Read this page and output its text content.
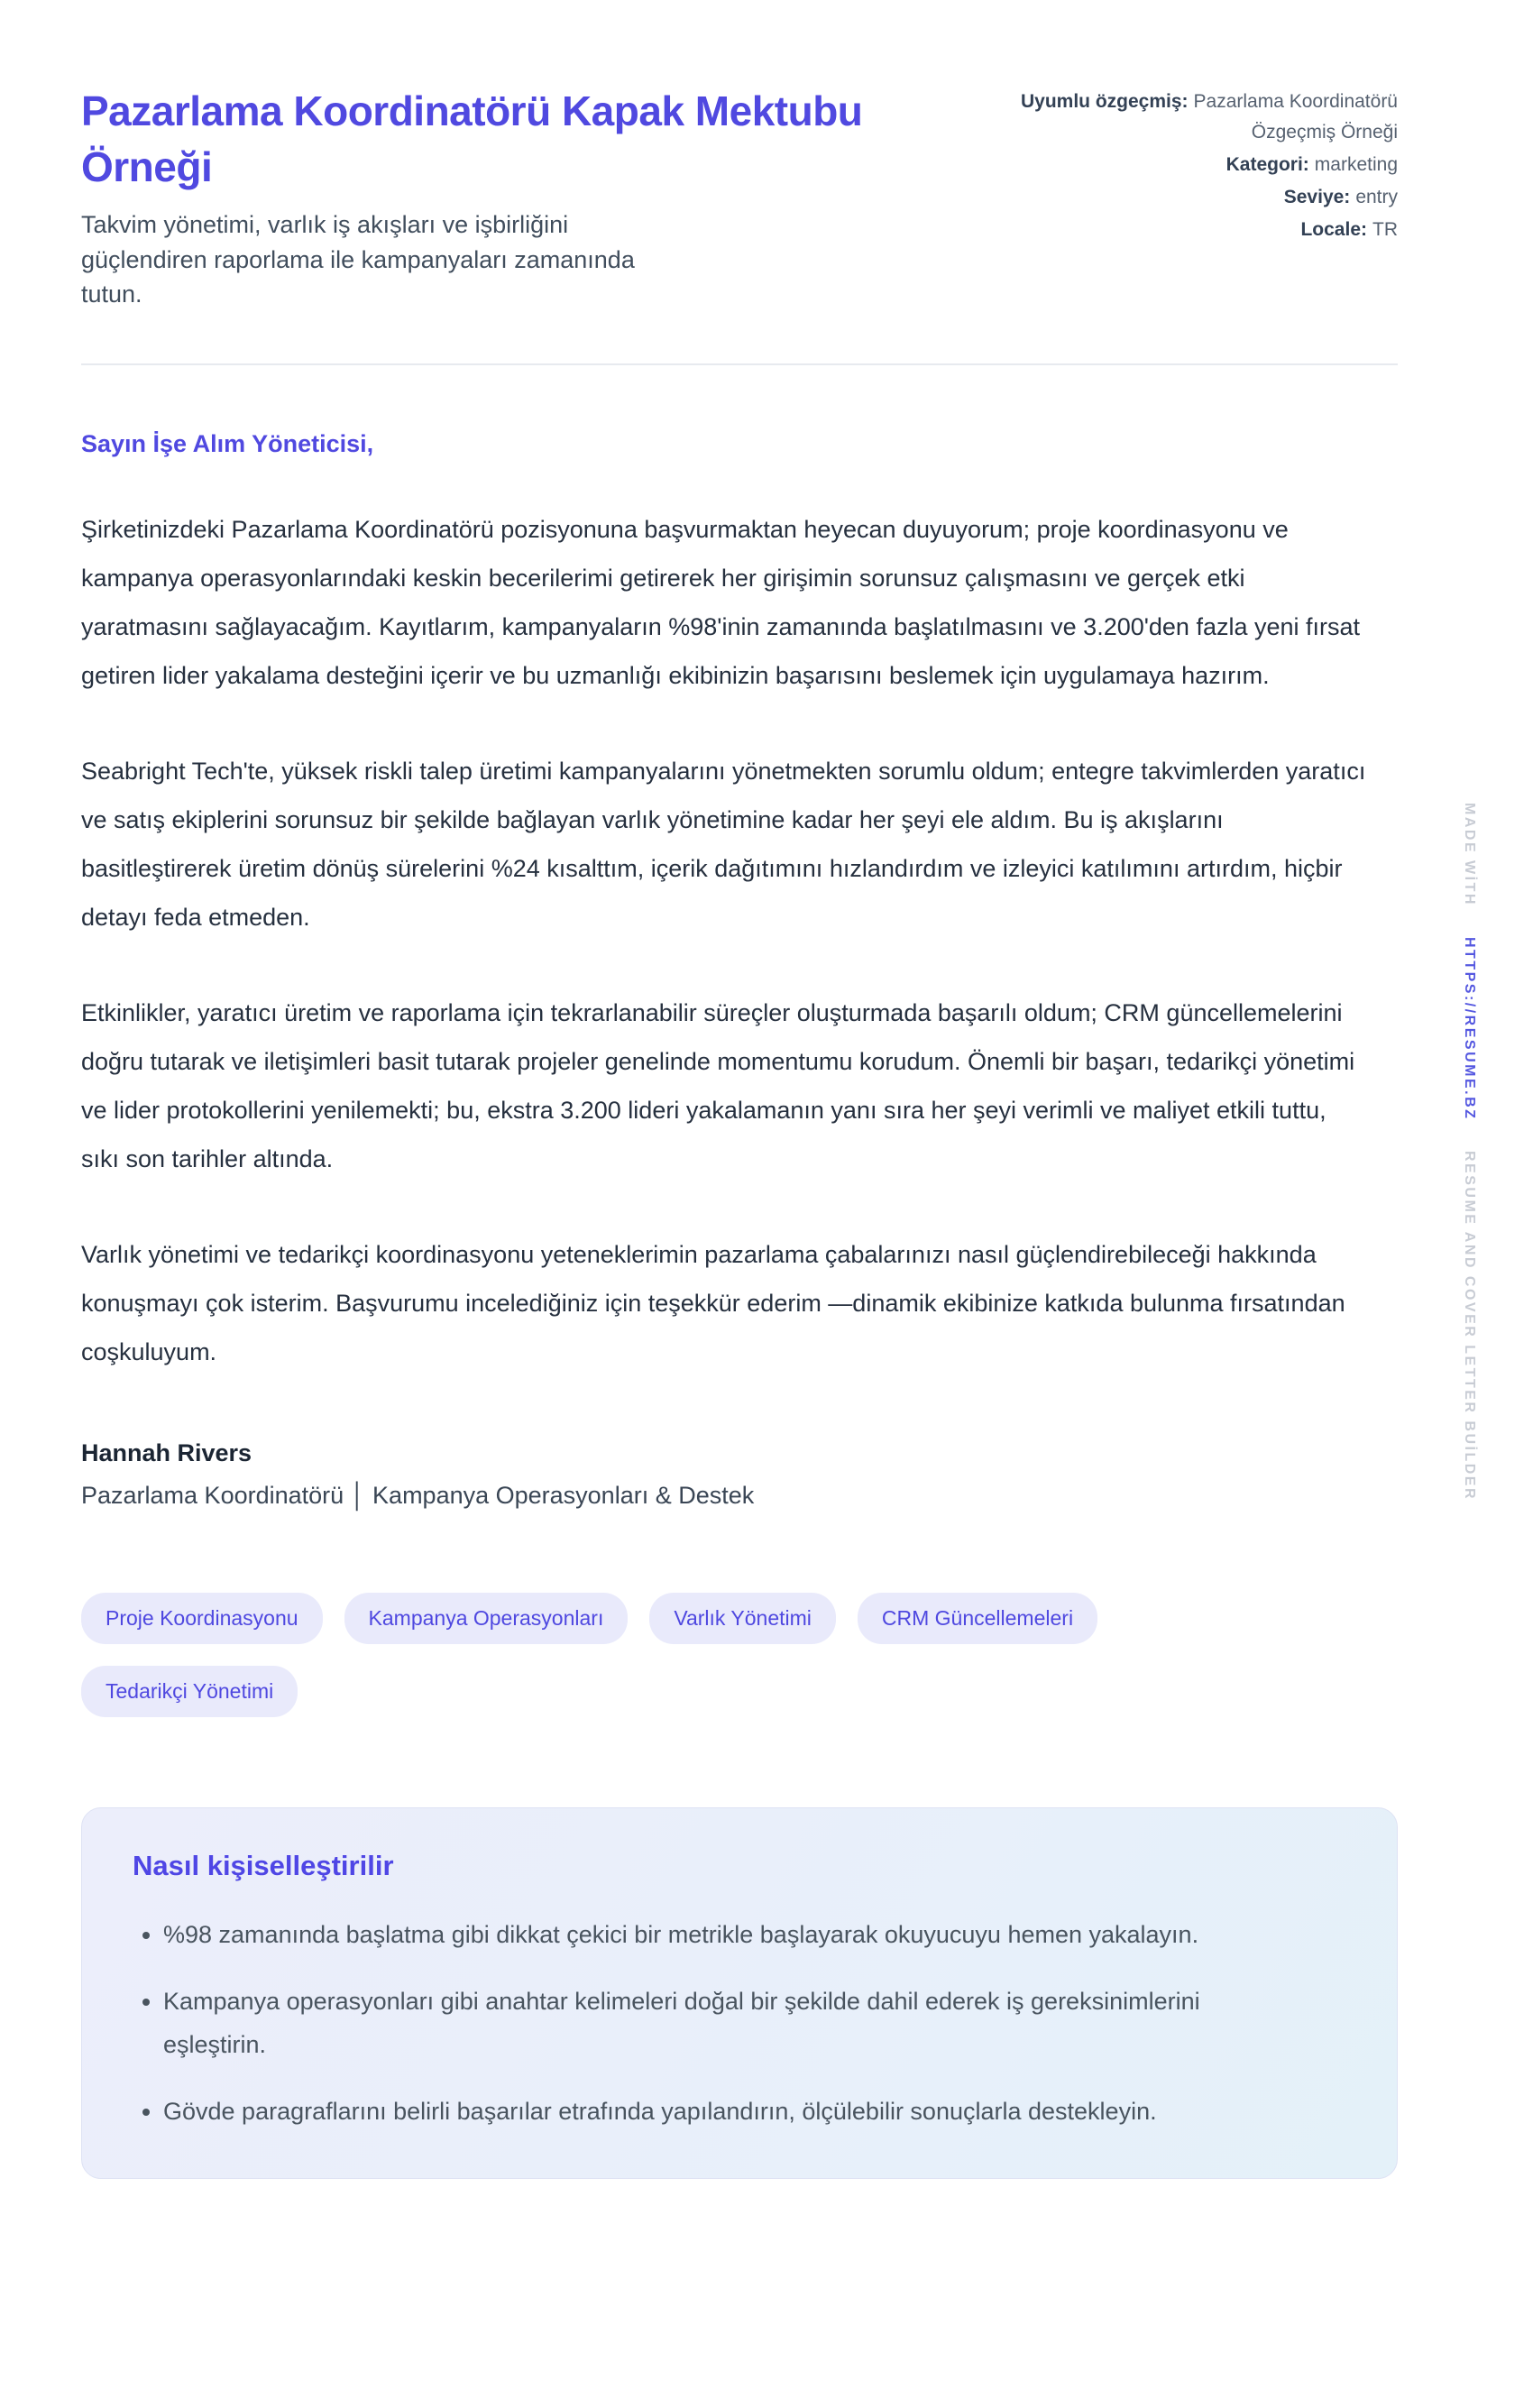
Pazarlama Koordinatörü Kapak Mektubu Örneği

Takvim yönetimi, varlık iş akışları ve işbirliğini güçlendiren raporlama ile kampanyaları zamanında tutun.

Uyumlu özgeçmiş: Pazarlama Koordinatörü Özgeçmiş Örneği
Kategori: marketing
Seviye: entry
Locale: TR

Sayın İşe Alım Yöneticisi,

Şirketinizdeki Pazarlama Koordinatörü pozisyonuna başvurmaktan heyecan duyuyorum; proje koordinasyonu ve kampanya operasyonlarındaki keskin becerilerimi getirerek her girişimin sorunsuz çalışmasını ve gerçek etki yaratmasını sağlayacağım. Kayıtlarım, kampanyaların %98'inin zamanında başlatılmasını ve 3.200'den fazla yeni fırsat getiren lider yakalama desteğini içerir ve bu uzmanlığı ekibinizin başarısını beslemek için uygulamaya hazırım.

Seabright Tech'te, yüksek riskli talep üretimi kampanyalarını yönetmekten sorumlu oldum; entegre takvimlerden yaratıcı ve satış ekiplerini sorunsuz bir şekilde bağlayan varlık yönetimine kadar her şeyi ele aldım. Bu iş akışlarını basitleştirerek üretim dönüş sürelerini %24 kısalttım, içerik dağıtımını hızlandırdım ve izleyici katılımını artırdım, hiçbir detayı feda etmeden.

Etkinlikler, yaratıcı üretim ve raporlama için tekrarlanabilir süreçler oluşturmada başarılı oldum; CRM güncellemelerini doğru tutarak ve iletişimleri basit tutarak projeler genelinde momentumu korudum. Önemli bir başarı, tedarikçi yönetimi ve lider protokollerini yenilemekti; bu, ekstra 3.200 lideri yakalamanın yanı sıra her şeyi verimli ve maliyet etkili tuttu, sıkı son tarihler altında.

Varlık yönetimi ve tedarikçi koordinasyonu yeteneklerimin pazarlama çabalarınızı nasıl güçlendirebileceği hakkında konuşmayı çok isterim. Başvurumu incelediğiniz için teşekkür ederim —dinamik ekibinize katkıda bulunma fırsatından coşkuluyum.

Hannah Rivers

Pazarlama Koordinatörü │ Kampanya Operasyonları & Destek

Proje Koordinasyonu	Kampanya Operasyonları	Varlık Yönetimi	CRM Güncellemeleri
Tedarikçi Yönetimi
Nasıl kişiselleştirilir
• %98 zamanında başlatma gibi dikkat çekici bir metrikle başlayarak okuyucuyu hemen yakalayın.
• Kampanya operasyonları gibi anahtar kelimeleri doğal bir şekilde dahil ederek iş gereksinimlerini eşleştirin.
• Gövde paragraflarını belirli başarılar etrafında yapılandırın, ölçülebilir sonuçlarla destekleyin.
MADE WİTH
HTTPS://RESUME.BZ
RESUME AND COVER LETTER BUİLDER
